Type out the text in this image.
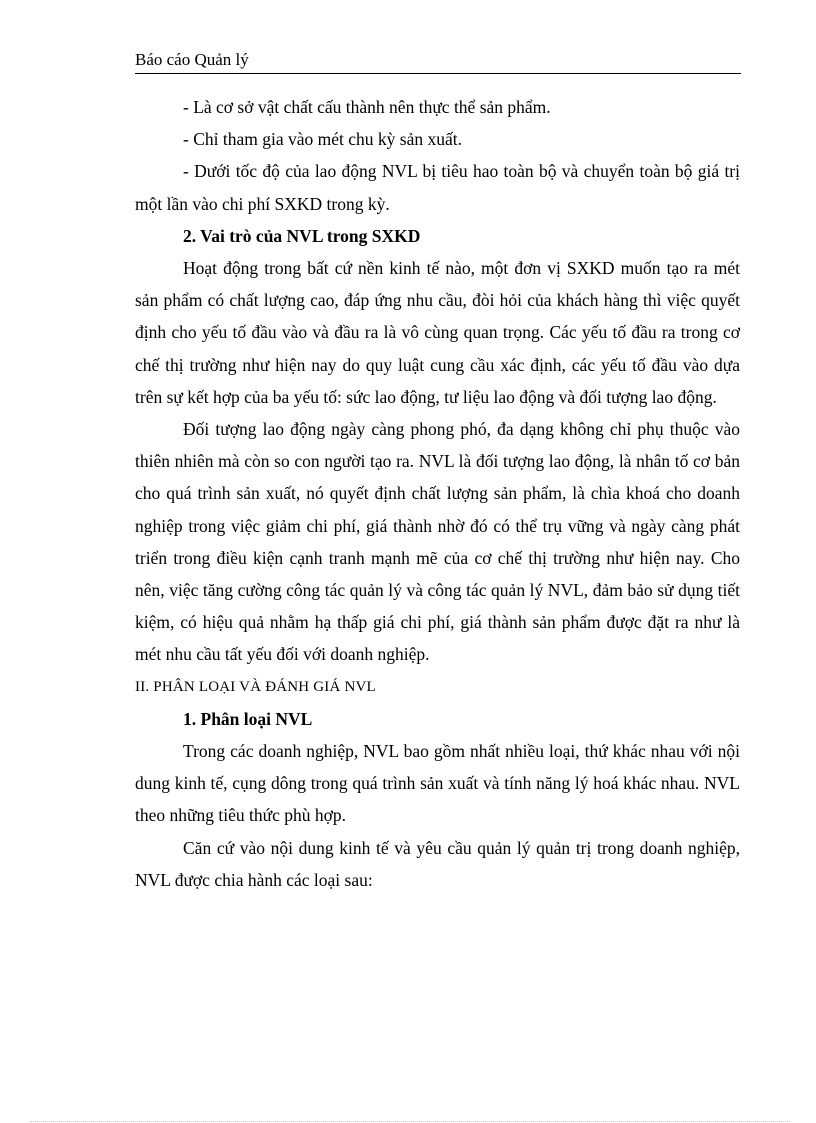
Báo cáo Quản lý

- Là cơ sở vật chất cấu thành nên thực thể sản phẩm.

- Chỉ tham gia vào mét chu kỳ sản xuất.

- Dưới tốc độ của lao động NVL bị tiêu hao toàn bộ và chuyển toàn bộ giá trị một lần vào chi phí SXKD trong kỳ.

2. Vai trò của NVL trong SXKD

Hoạt động trong bất cứ nền kinh tế nào, một đơn vị SXKD muốn tạo ra mét sản phẩm có chất lượng cao, đáp ứng nhu cầu, đòi hỏi của khách hàng thì việc quyết định cho yếu tố đầu vào và đầu ra là vô cùng quan trọng. Các yếu tố đầu ra trong cơ chế thị trường như hiện nay do quy luật cung cầu xác định, các yếu tố đầu vào dựa trên sự kết hợp của ba yếu tố: sức lao động, tư liệu lao động và đối tượng lao động.

Đối tượng lao động ngày càng phong phó, đa dạng không chỉ phụ thuộc vào thiên nhiên mà còn so con người tạo ra. NVL là đối tượng lao động, là nhân tố cơ bản cho quá trình sản xuất, nó quyết định chất lượng sản phẩm, là chìa khoá cho doanh nghiệp trong việc giảm chi phí, giá thành nhờ đó có thể trụ vững và ngày càng phát triển trong điều kiện cạnh tranh mạnh mẽ của cơ chế thị trường như hiện nay. Cho nên, việc tăng cường công tác quản lý và công tác quản lý NVL, đảm bảo sử dụng tiết kiệm, có hiệu quả nhằm hạ thấp giá chi phí, giá thành sản phẩm được đặt ra như là mét nhu cầu tất yếu đối với doanh nghiệp.

II. PHÂN LOẠI VÀ ĐÁNH GIÁ NVL

1. Phân loại NVL

Trong các doanh nghiệp, NVL bao gồm nhất nhiều loại, thứ khác nhau với nội dung kinh tế, cụng dông trong quá trình sản xuất và tính năng lý hoá khác nhau. NVL theo những tiêu thức phù hợp.

Căn cứ vào nội dung kinh tế và yêu cầu quản lý quản trị trong doanh nghiệp, NVL được chia hành các loại sau:
